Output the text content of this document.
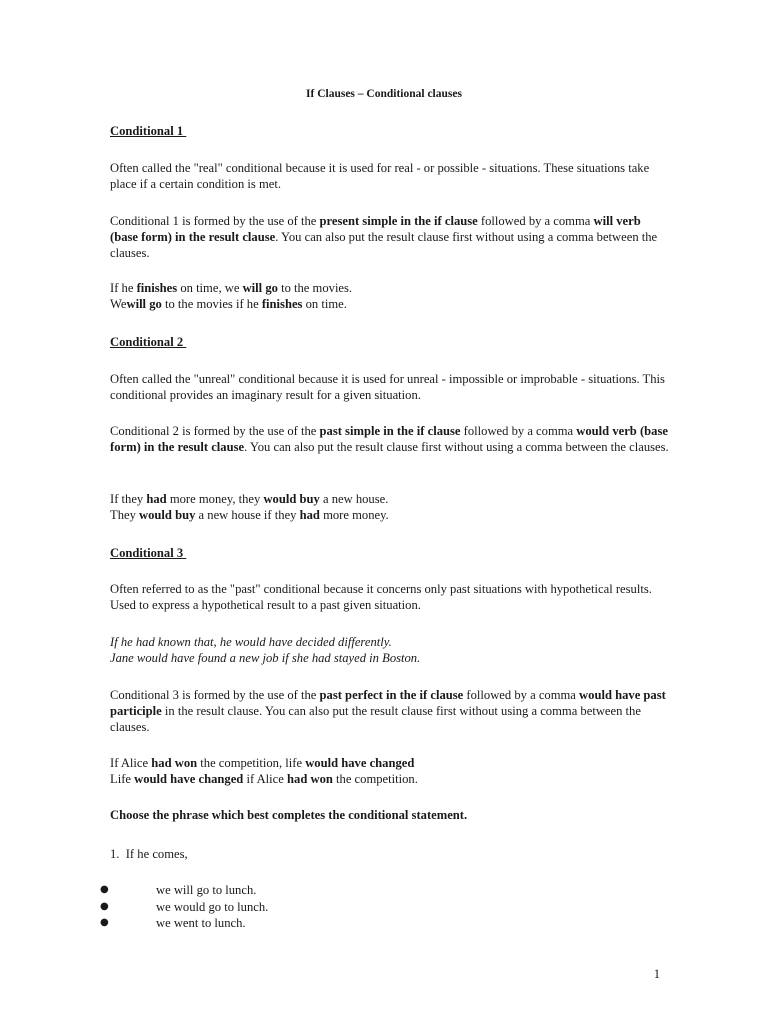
If Clauses – Conditional clauses

Conditional 1

Often called the "real" conditional because it is used for real - or possible - situations. These situations take place if a certain condition is met.

Conditional 1 is formed by the use of the present simple in the if clause followed by a comma will verb (base form) in the result clause. You can also put the result clause first without using a comma between the clauses.

If he finishes on time, we will go to the movies.
Wewill go to the movies if he finishes on time.

Conditional 2

Often called the "unreal" conditional because it is used for unreal - impossible or improbable - situations. This conditional provides an imaginary result for a given situation.

Conditional 2 is formed by the use of the past simple in the if clause followed by a comma would verb (base form) in the result clause. You can also put the result clause first without using a comma between the clauses.

If they had more money, they would buy a new house.
They would buy a new house if they had more money.

Conditional 3

Often referred to as the "past" conditional because it concerns only past situations with hypothetical results. Used to express a hypothetical result to a past given situation.

If he had known that, he would have decided differently.
Jane would have found a new job if she had stayed in Boston.

Conditional 3 is formed by the use of the past perfect in the if clause followed by a comma would have past participle in the result clause. You can also put the result clause first without using a comma between the clauses.

If Alice had won the competition, life would have changed
Life would have changed if Alice had won the competition.

Choose the phrase which best completes the conditional statement.

1.  If he comes,

●	we will go to lunch.
●	we would go to lunch.
●	we went to lunch.
1
